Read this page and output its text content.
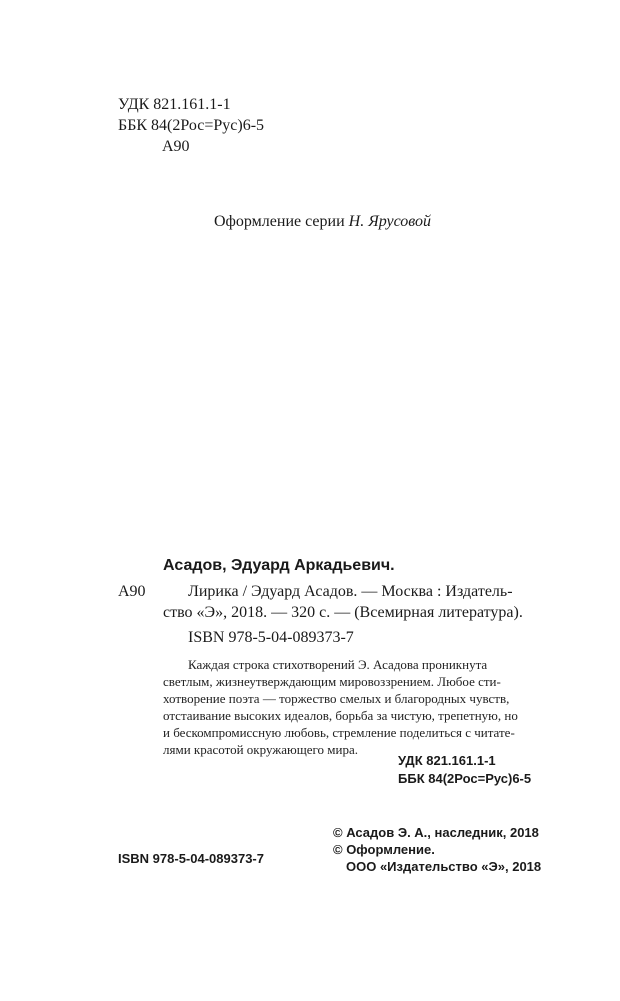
УДК 821.161.1-1
ББК 84(2Рос=Рус)6-5
А90
Оформление серии Н. Ярусовой
Асадов, Эдуард Аркадьевич.
А90	Лирика / Эдуард Асадов. — Москва : Издатель-
ство «Э», 2018. — 320 с. — (Всемирная литература).
ISBN 978-5-04-089373-7
Каждая строка стихотворений Э. Асадова проникнута
светлым, жизнеутверждающим мировоззрением. Любое сти-
хотворение поэта — торжество смелых и благородных чувств,
отстаивание высоких идеалов, борьба за чистую, трепетную, но
и бескомпромиссную любовь, стремление поделиться с читате-
лями красотой окружающего мира.
УДК 821.161.1-1
ББК 84(2Рос=Рус)6-5
ISBN 978-5-04-089373-7
© Асадов Э. А., наследник, 2018
© Оформление.
ООО «Издательство «Э», 2018
